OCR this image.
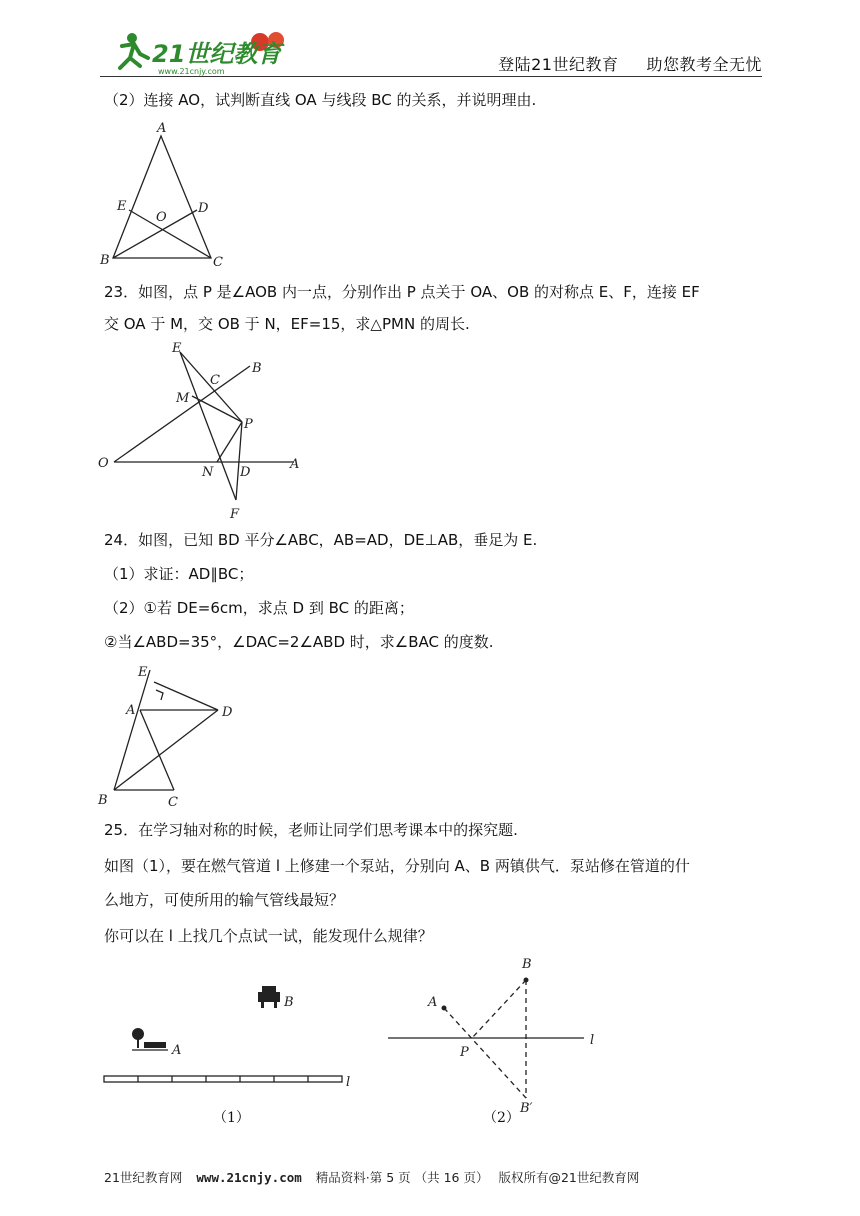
21世纪教育
www.21cnjy.com	登陆21世纪教育 助您教考全无忧
（2）连接 AO，试判断直线 OA 与线段 BC 的关系，并说明理由.
A
B	C
D
E
O
23．如图，点 P 是∠AOB 内一点，分别作出 P 点关于 OA、OB 的对称点 E、F，连接 EF
交 OA 于 M，交 OB 于 N，EF=15，求△PMN 的周长.
E
B
C
M
P
O
N D
A
F
24．如图，已知 BD 平分∠ABC，AB=AD，DE⊥AB，垂足为 E.
（1）求证：AD∥BC；
（2）①若 DE=6cm，求点 D 到 BC 的距离；
②当∠ABD=35°，∠DAC=2∠ABD 时，求∠BAC 的度数.
E
A	D
B	C
25．在学习轴对称的时候，老师让同学们思考课本中的探究题.
如图（1），要在燃气管道 l 上修建一个泵站，分别向 A、B 两镇供气．泵站修在管道的什
么地方，可使所用的输气管线最短？
你可以在 l 上找几个点试一试，能发现什么规律？
B
A
l
（1）
l
B
A
P
B′
（2）
21世纪教育网 www.21cnjy.com 精品资料·第 5 页 （共 16 页） 版权所有@21世纪教育网
